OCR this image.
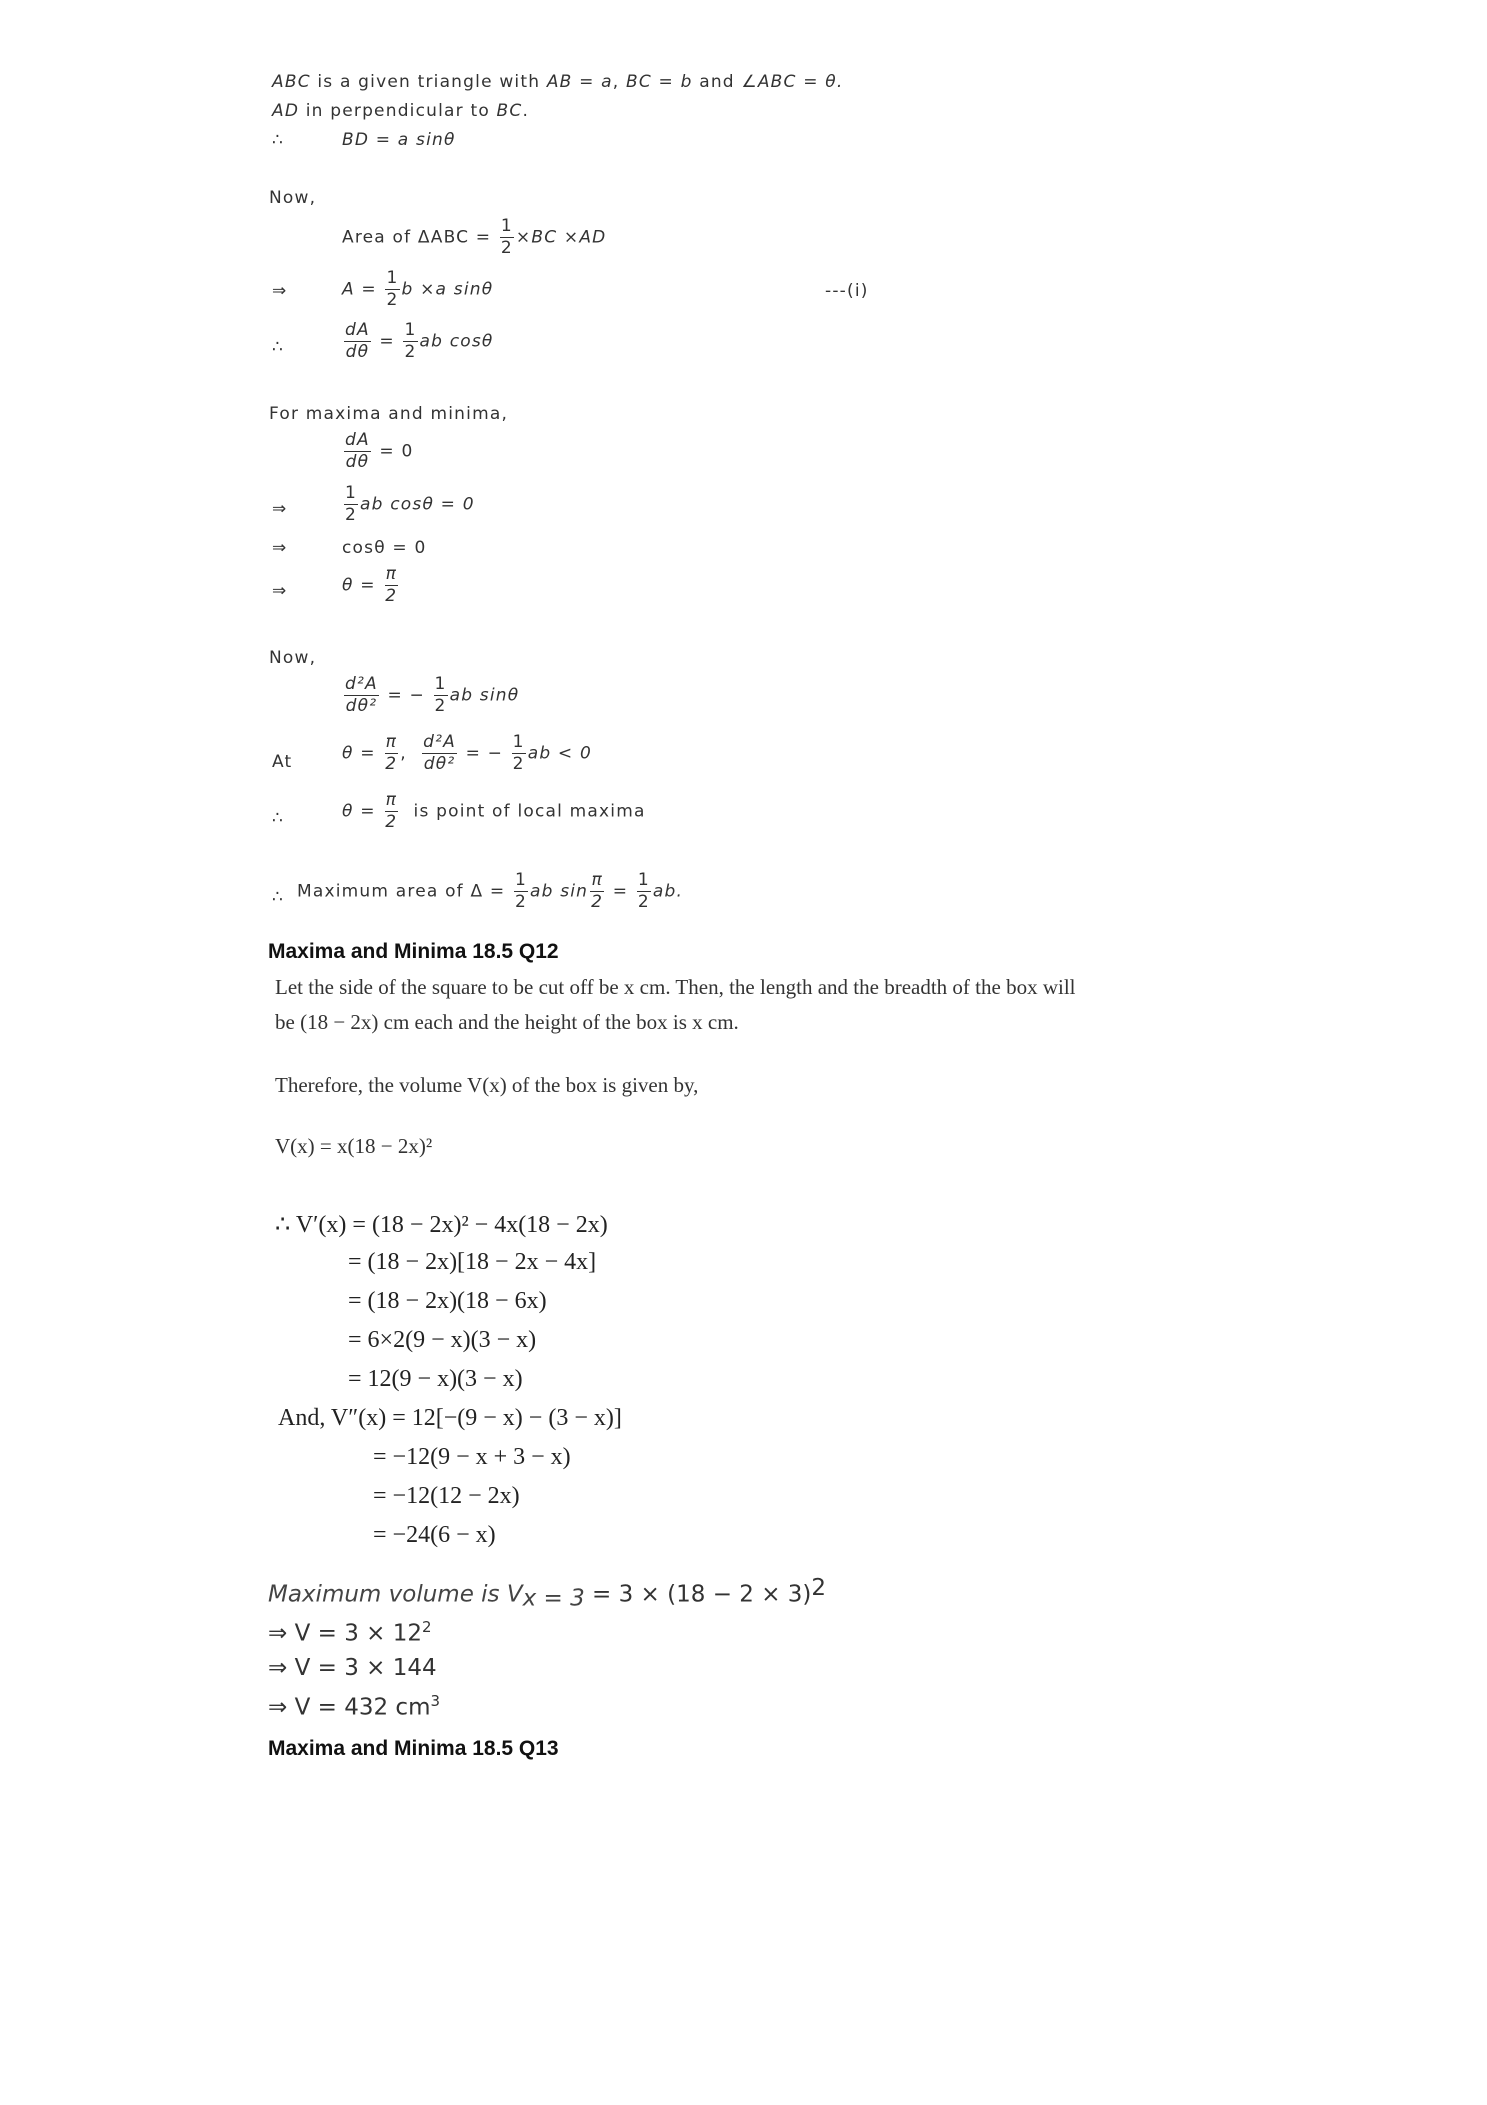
ABC is a given triangle with AB = a, BC = b and ∠ABC = θ.
AD in perpendicular to BC.
∴	BD = a sinθ
Now,
Area of $\Delta ABC = \frac{1}{2} \times BC \times AD$
⇒	$A = \frac{1}{2}$ b ×a sinθ	---(i)
∴	$\frac{dA}{d\theta} = \frac{1}{2}$ ab cosθ
For maxima and minima,
$\frac{dA}{d\theta} = 0$
⇒	$\frac{1}{2}$ ab cosθ = 0
⇒	cosθ = 0
⇒	$\theta = \frac{\pi}{2}$
Now,
$\frac{\text{d²A}}{\text{dθ²}}$ = − $\frac{1}{2}$ ab sinθ
At	$\theta = \frac{\pi}{2}$ , $\frac{\text{d²A}}{\text{dθ²}}$ = − $\frac{1}{2}$ ab < 0
∴	$\theta = \frac{\pi}{2}$ is point of local maxima
∴ Maximum area of $\Delta = \frac{1}{2}$ ab $\sin \frac{\pi}{2} = \frac{1}{2}$ ab.
Maxima and Minima 18.5 Q12
Let the side of the square to be cut off be x cm. Then, the length and the breadth of the box will
be (18 − 2x) cm each and the height of the box is x cm.
Therefore, the volume V(x) of the box is given by,
V(x) = x(18 − 2x)²
∴ V′(x) = (18 − 2x)² − 4x(18 − 2x)
= (18 − 2x)[18 − 2x − 4x]
= (18 − 2x)(18 − 6x)
= 6×2(9 − x)(3 − x)
= 12(9 − x)(3 − x)
And, V″(x) = 12[−(9 − x) − (3 − x)]
= −12(9 − x + 3 − x)
= −12(12 − 2x)
= −24(6 − x)
Maximum volume is $V_{x = 3} = 3 \times (18 - 2 \times 3)^2$
⇒ $V = 3 \times 12^2$
⇒ V = 3 × 144
⇒ V = 432 $cm^3$
Maxima and Minima 18.5 Q13
